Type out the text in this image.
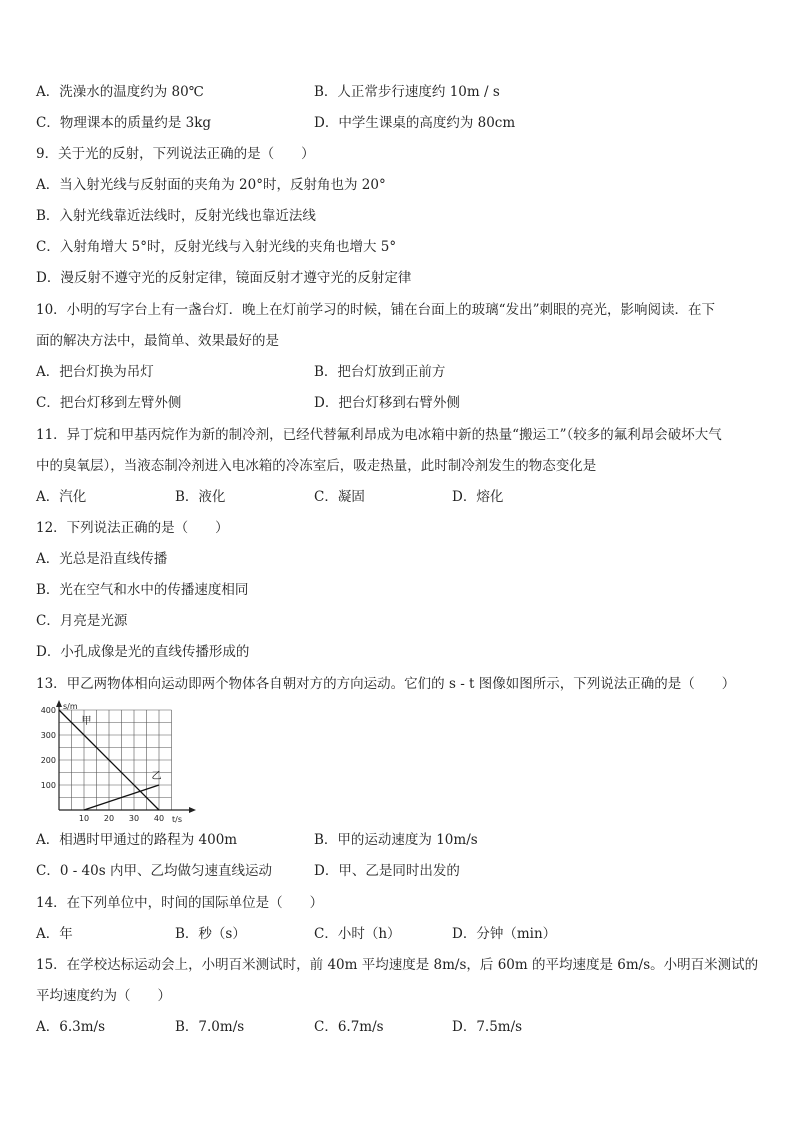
A．洗澡水的温度约为 80℃	B．人正常步行速度约 10m / s
C．物理课本的质量约是 3kg	D．中学生课桌的高度约为 80cm
9．关于光的反射，下列说法正确的是（　　）
A．当入射光线与反射面的夹角为 20°时，反射角也为 20°
B．入射光线靠近法线时，反射光线也靠近法线
C．入射角增大 5°时，反射光线与入射光线的夹角也增大 5°
D．漫反射不遵守光的反射定律，镜面反射才遵守光的反射定律
10．小明的写字台上有一盏台灯．晚上在灯前学习的时候，铺在台面上的玻璃“发出”刺眼的亮光，影响阅读．在下
面的解决方法中，最简单、效果最好的是
A．把台灯换为吊灯	B．把台灯放到正前方
C．把台灯移到左臂外侧	D．把台灯移到右臂外侧
11．异丁烷和甲基丙烷作为新的制冷剂，已经代替氟利昂成为电冰箱中新的热量“搬运工”（较多的氟利昂会破坏大气
中的臭氧层），当液态制冷剂进入电冰箱的冷冻室后，吸走热量，此时制冷剂发生的物态变化是
A．汽化	B．液化	C．凝固	D．熔化
12．下列说法正确的是（　　）
A．光总是沿直线传播
B．光在空气和水中的传播速度相同
C．月亮是光源
D．小孔成像是光的直线传播形成的
13．甲乙两物体相向运动即两个物体各自朝对方的方向运动。它们的 s - t 图像如图所示，下列说法正确的是（　　）
s/m
t/s
100
200
300
400
10 20 30 40
甲
乙
A．相遇时甲通过的路程为 400m	B．甲的运动速度为 10m/s
C．0 - 40s 内甲、乙均做匀速直线运动	D．甲、乙是同时出发的
14．在下列单位中，时间的国际单位是（　　）
A．年	B．秒（s）	C．小时（h）	D．分钟（min）
15．在学校达标运动会上，小明百米测试时，前 40m 平均速度是 8m/s，后 60m 的平均速度是 6m/s。小明百米测试的
平均速度约为（　　）
A．6.3m/s	B．7.0m/s	C．6.7m/s	D．7.5m/s
